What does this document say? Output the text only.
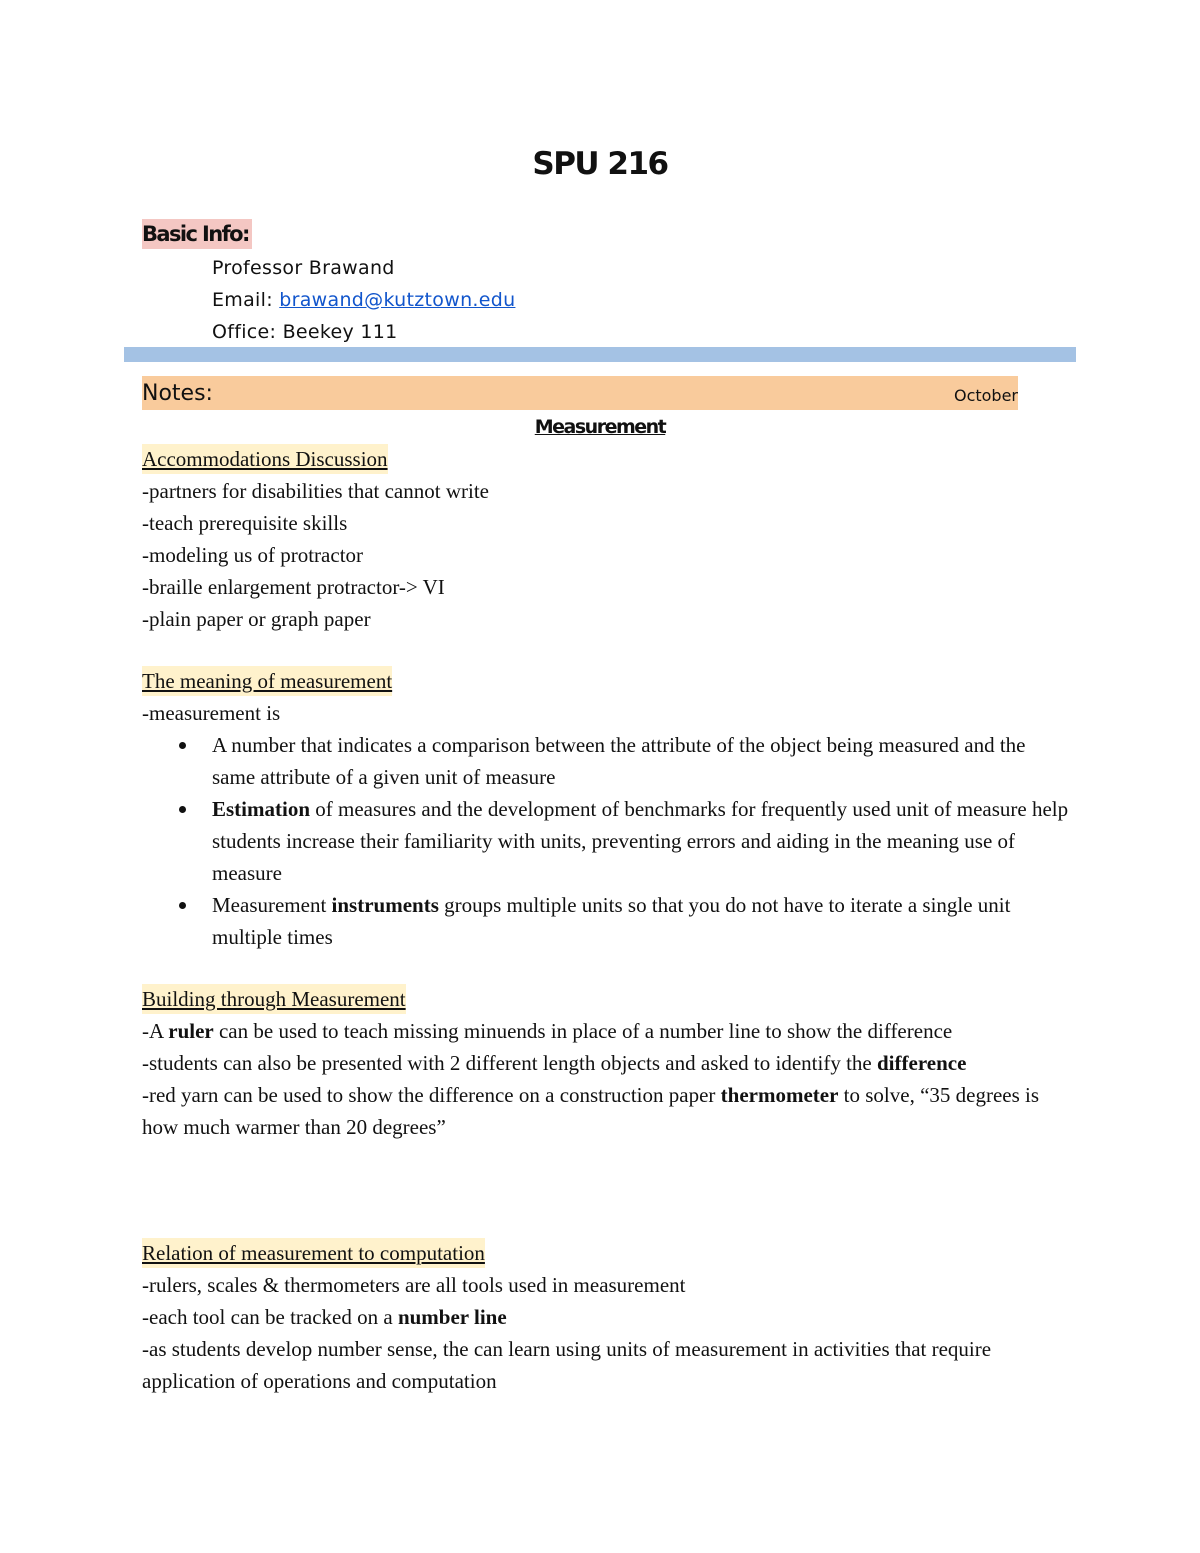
SPU 216
Basic Info:
Professor Brawand
Email: brawand@kutztown.edu
Office: Beekey 111
Notes:	October
Measurement
Accommodations Discussion
-partners for disabilities that cannot write
-teach prerequisite skills
-modeling us of protractor
-braille enlargement protractor-> VI
-plain paper or graph paper
The meaning of measurement
-measurement is
A number that indicates a comparison between the attribute of the object being measured and the same attribute of a given unit of measure
Estimation of measures and the development of benchmarks for frequently used unit of measure help students increase their familiarity with units, preventing errors and aiding in the meaning use of measure
Measurement instruments groups multiple units so that you do not have to iterate a single unit multiple times
Building through Measurement
-A ruler can be used to teach missing minuends in place of a number line to show the difference
-students can also be presented with 2 different length objects and asked to identify the difference
-red yarn can be used to show the difference on a construction paper thermometer to solve, “35 degrees is how much warmer than 20 degrees”
Relation of measurement to computation
-rulers, scales & thermometers are all tools used in measurement
-each tool can be tracked on a number line
-as students develop number sense, the can learn using units of measurement in activities that require application of operations and computation
